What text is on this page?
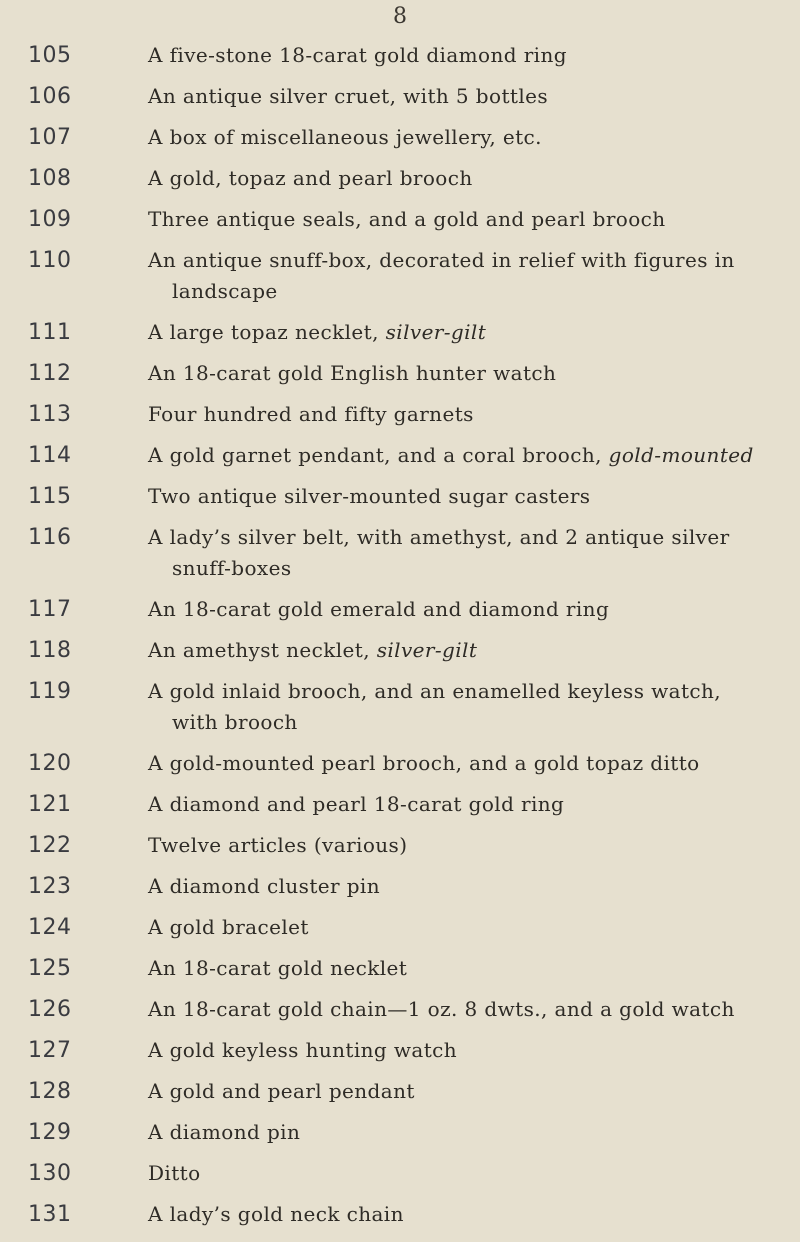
8
105	A five-stone 18-carat gold diamond ring
106	An antique silver cruet, with 5 bottles
107	A box of miscellaneous jewellery, etc.
108	A gold, topaz and pearl brooch
109	Three antique seals, and a gold and pearl brooch
110	An antique snuff-box, decorated in relief with figures in
landscape
111	A large topaz necklet, silver-gilt
112	An 18-carat gold English hunter watch
113	Four hundred and fifty garnets
114	A gold garnet pendant, and a coral brooch, gold-mounted
115	Two antique silver-mounted sugar casters
116	A lady’s silver belt, with amethyst, and 2 antique silver
snuff-boxes
117	An 18-carat gold emerald and diamond ring
118	An amethyst necklet, silver-gilt
119	A gold inlaid brooch, and an enamelled keyless watch,
with brooch
120	A gold-mounted pearl brooch, and a gold topaz ditto
121	A diamond and pearl 18-carat gold ring
122	Twelve articles (various)
123	A diamond cluster pin
124	A gold bracelet
125	An 18-carat gold necklet
126	An 18-carat gold chain—1 oz. 8 dwts., and a gold watch
127	A gold keyless hunting watch
128	A gold and pearl pendant
129	A diamond pin
130	Ditto
131	A lady’s gold neck chain
